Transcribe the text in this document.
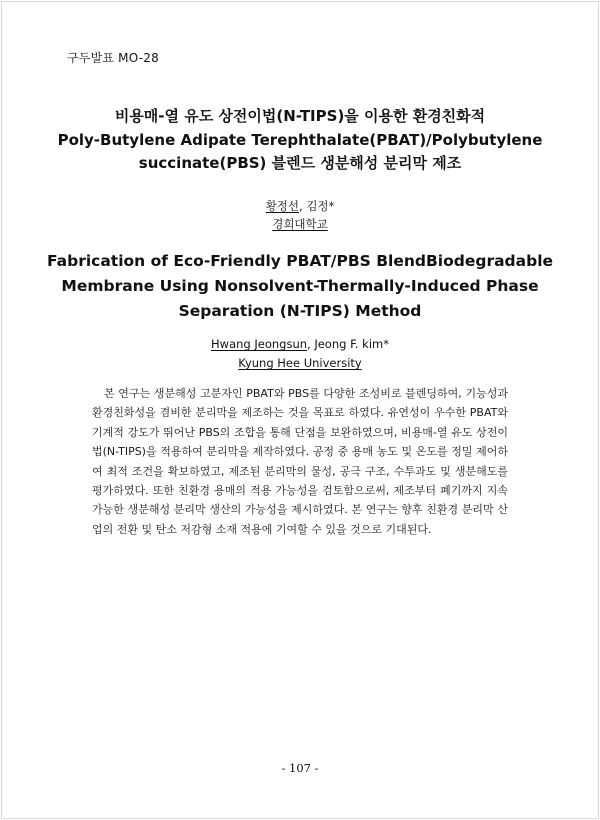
구두발표 MO-28
비용매-열 유도 상전이법(N-TIPS)을 이용한 환경친화적
Poly-Butylene Adipate Terephthalate(PBAT)/Polybutylene
succinate(PBS) 블렌드 생분해성 분리막 제조
황정선, 김정*
경희대학교
Fabrication of Eco-Friendly PBAT/PBS BlendBiodegradable
Membrane Using Nonsolvent-Thermally-Induced Phase
Separation (N-TIPS) Method
Hwang Jeongsun, Jeong F. kim*
Kyung Hee University

본 연구는 생분해성 고분자인 PBAT와 PBS를 다양한 조성비로 블렌딩하여, 기능성과 환경친화성을 겸비한 분리막을 제조하는 것을 목표로 하였다. 유연성이 우수한 PBAT와 기계적 강도가 뛰어난 PBS의 조합을 통해 단점을 보완하였으며, 비용매-열 유도 상전이법(N-TIPS)을 적용하여 분리막을 제작하였다. 공정 중 용매 농도 및 온도를 정밀 제어하여 최적 조건을 확보하였고, 제조된 분리막의 물성, 공극 구조, 수투과도 및 생분해도를 평가하였다. 또한 친환경 용매의 적용 가능성을 검토함으로써, 제조부터 폐기까지 지속 가능한 생분해성 분리막 생산의 가능성을 제시하였다. 본 연구는 향후 친환경 분리막 산업의 전환 및 탄소 저감형 소재 적용에 기여할 수 있을 것으로 기대된다.

- 107 -
